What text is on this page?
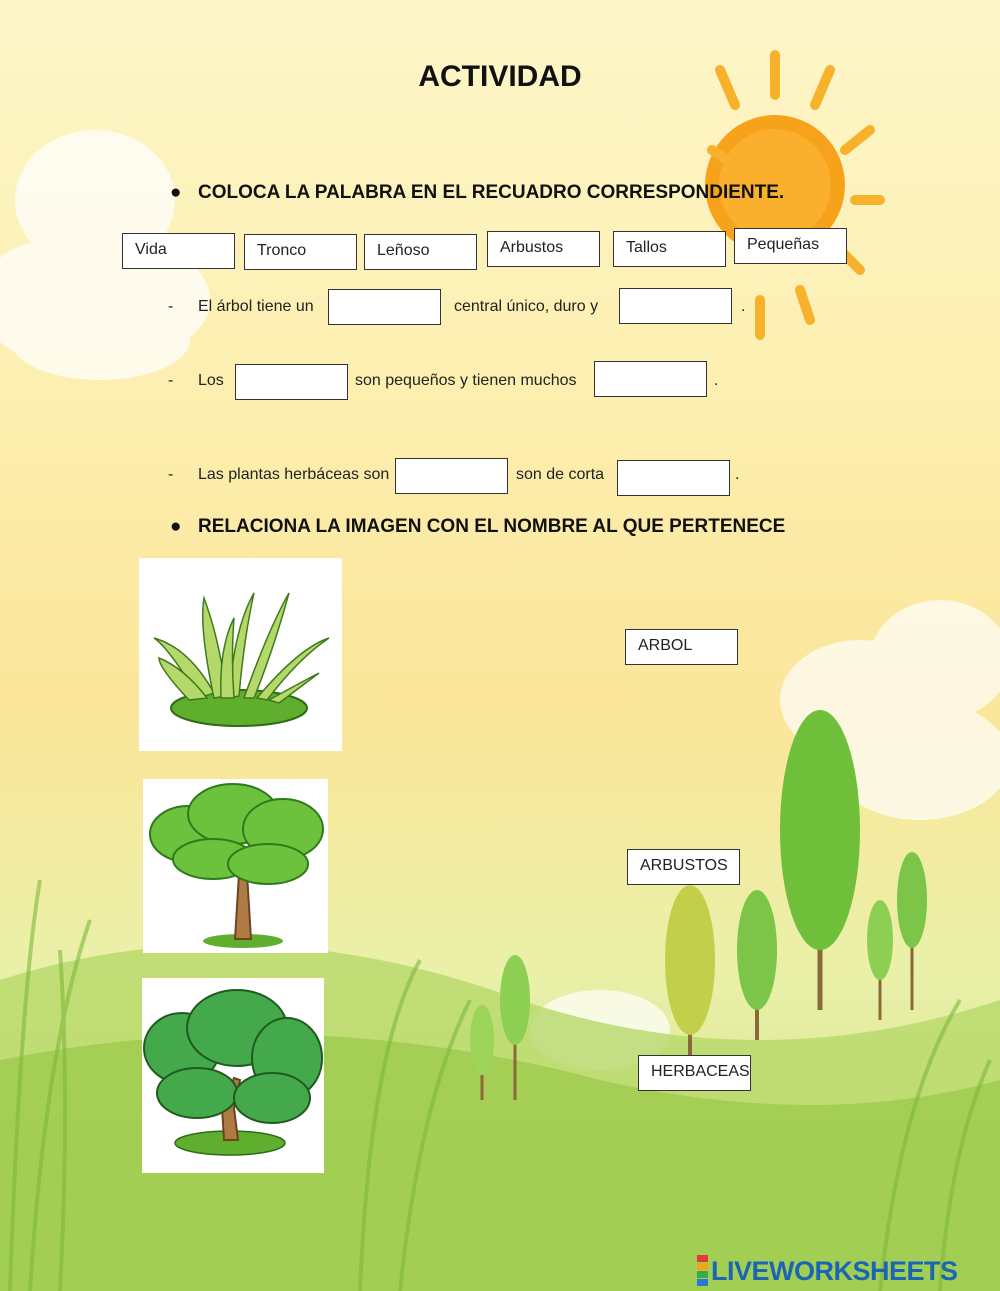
ACTIVIDAD
● COLOCA LA PALABRA EN EL RECUADRO CORRESPONDIENTE.
Vida	Tronco	Leñoso	Arbustos	Tallos	Pequeñas
- El árbol tiene un	central único, duro y	.
- Los	son pequeños y tienen muchos	.
- Las plantas herbáceas son	son de corta	.
● RELACIONA LA IMAGEN CON EL NOMBRE AL QUE PERTENECE
ARBOL
ARBUSTOS
HERBACEAS
LIVEWORKSHEETS
